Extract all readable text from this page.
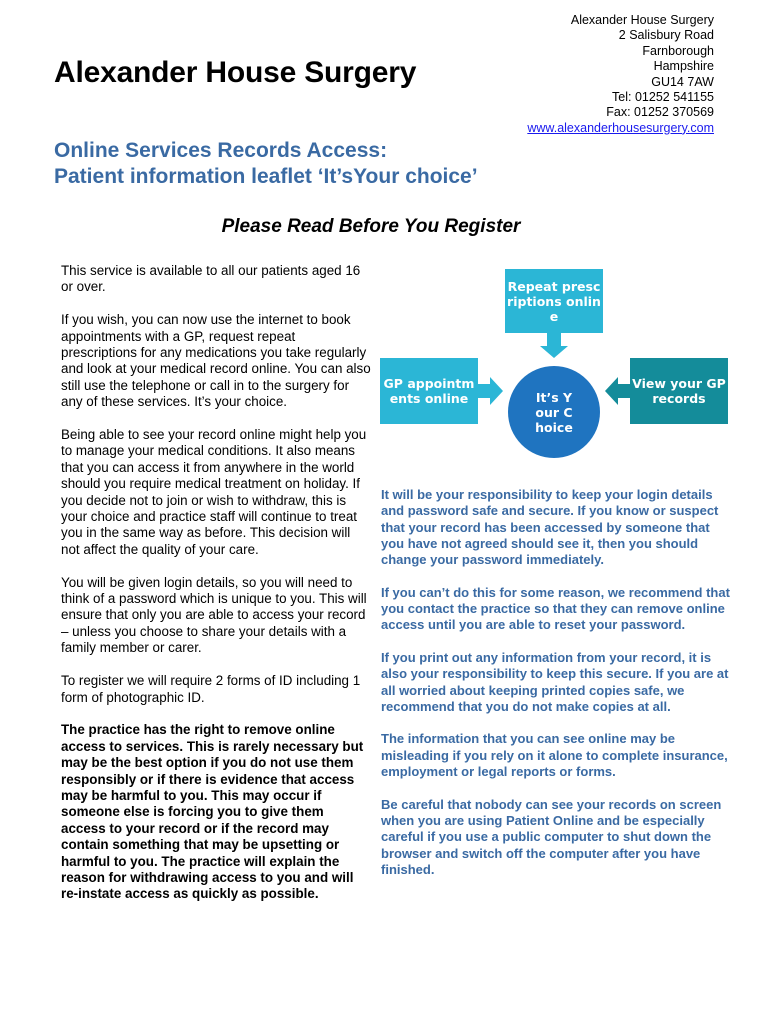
Alexander House Surgery
2 Salisbury Road
Farnborough
Hampshire
GU14 7AW
Tel: 01252 541155
Fax: 01252 370569
www.alexanderhousesurgery.com
Alexander House Surgery
Online Services Records Access:
Patient information leaflet ‘It’sYour choice’
Please Read Before You Register

This service is available to all our patients aged 16 or over.

If you wish, you can now use the internet to book appointments with a GP, request repeat prescriptions for any medications you take regularly and look at your medical record online. You can also still use the telephone or call in to the surgery for any of these services. It’s your choice.

Being able to see your record online might help you to manage your medical conditions. It also means that you can access it from anywhere in the world should you require medical treatment on holiday. If you decide not to join or wish to withdraw, this is your choice and practice staff will continue to treat you in the same way as before. This decision will not affect the quality of your care.

You will be given login details, so you will need to think of a password which is unique to you. This will ensure that only you are able to access your record – unless you choose to share your details with a family member or carer.

To register we will require 2 forms of ID including 1 form of photographic ID.

The practice has the right to remove online access to services. This is rarely necessary but may be the best option if you do not use them responsibly or if there is evidence that access may be harmful to you. This may occur if someone else is forcing you to give them access to your record or if the record may contain something that may be upsetting or harmful to you. The practice will explain the reason for withdrawing access to you and will re-instate access as quickly as possible.

Repeat prescriptions online
GP appointments online
View your GP records
It’s Your Choice

It will be your responsibility to keep your login details and password safe and secure. If you know or suspect that your record has been accessed by someone that you have not agreed should see it, then you should change your password immediately.

If you can’t do this for some reason, we recommend that you contact the practice so that they can remove online access until you are able to reset your password.

If you print out any information from your record, it is also your responsibility to keep this secure. If you are at all worried about keeping printed copies safe, we recommend that you do not make copies at all.

The information that you can see online may be misleading if you rely on it alone to complete insurance, employment or legal reports or forms.

Be careful that nobody can see your records on screen when you are using Patient Online and be especially careful if you use a public computer to shut down the browser and switch off the computer after you have finished.
